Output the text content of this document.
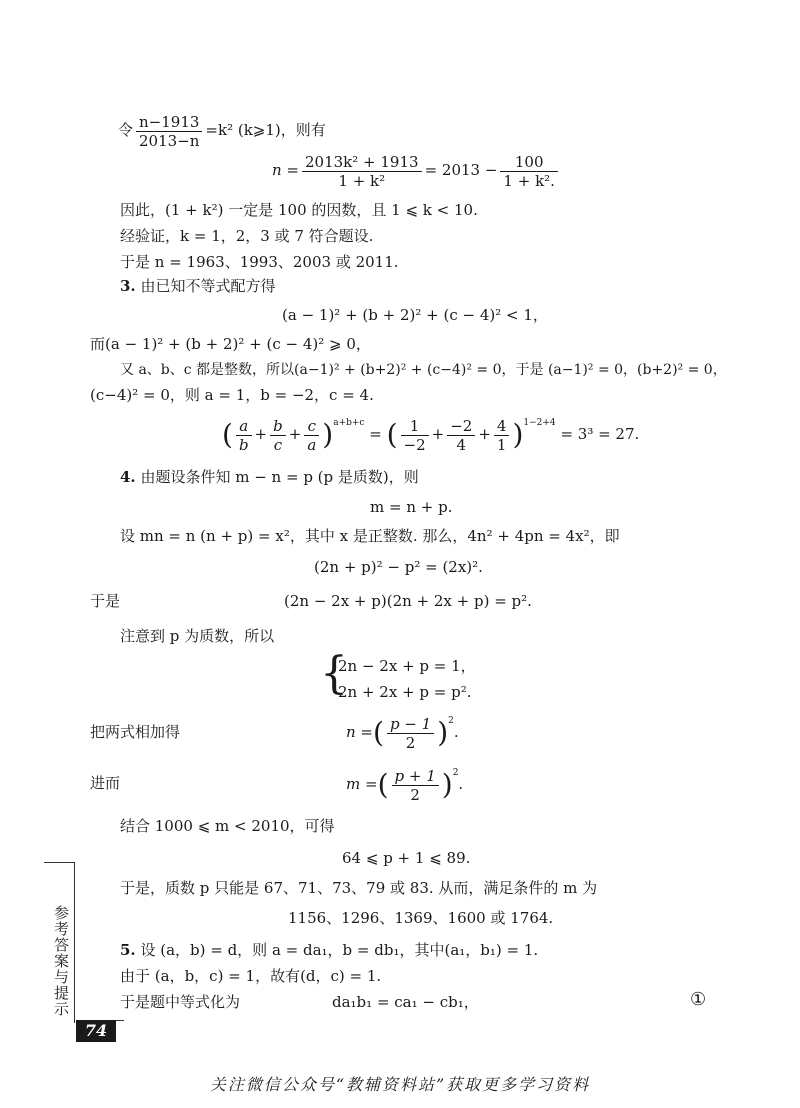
令 $\frac{n-1913}{2013-n} =k^2$ (k⩾1)，则有
$n = \frac{\text{2013k² + 1913}}{\text{1 + k²}} = 2013 - \frac{100}{\text{1 + k².}}$
因此，(1 + k²) 一定是 100 的因数，且 1 ⩽ k < 10.
经验证，k = 1，2，3 或 7 符合题设.
于是 n = 1963、1993、2003 或 2011.
3. 由已知不等式配方得
(a − 1)² + (b + 2)² + (c − 4)² < 1，
而(a − 1)² + (b + 2)² + (c − 4)² ⩾ 0，
又 a、b、c 都是整数，所以(a−1)² + (b+2)² + (c−4)² = 0，于是 (a−1)² = 0，(b+2)² = 0，
(c−4)² = 0，则 a = 1，b = −2，c = 4.
( $\frac{a}{b} + \frac{b}{c} + \frac{c}{a} )^{a+b+c}$ = ( $\frac{1}{-2} + \frac{-2}{4} + \frac{4}{1} )^{1-2+4} = 3^3 = 27$.
4. 由题设条件知 m − n = p (p 是质数)，则
m = n + p.
设 mn = n (n + p) = x²，其中 x 是正整数. 那么，4n² + 4pn = 4x²，即
(2n + p)² − p² = (2x)².
于是	(2n − 2x + p)(2n + 2x + p) = p².
注意到 p 为质数，所以
{
2n − 2x + p = 1，
2n + 2x + p = p².
把两式相加得	n =( $\frac{p - 1}{2} )^2$.
进而	m =( $\frac{p + 1}{2} )^2$.
结合 1000 ⩽ m < 2010，可得
64 ⩽ p + 1 ⩽ 89.
于是，质数 p 只能是 67、71、73、79 或 83. 从而，满足条件的 m 为
1156、1296、1369、1600 或 1764.
5. 设 (a，b) = d，则 a = da₁，b = db₁，其中(a₁，b₁) = 1.
由于 (a，b，c) = 1，故有(d，c) = 1.
于是题中等式化为	da₁b₁ = ca₁ − cb₁，	①
参考答案与提示
74
关注微信公众号“教辅资料站”获取更多学习资料
